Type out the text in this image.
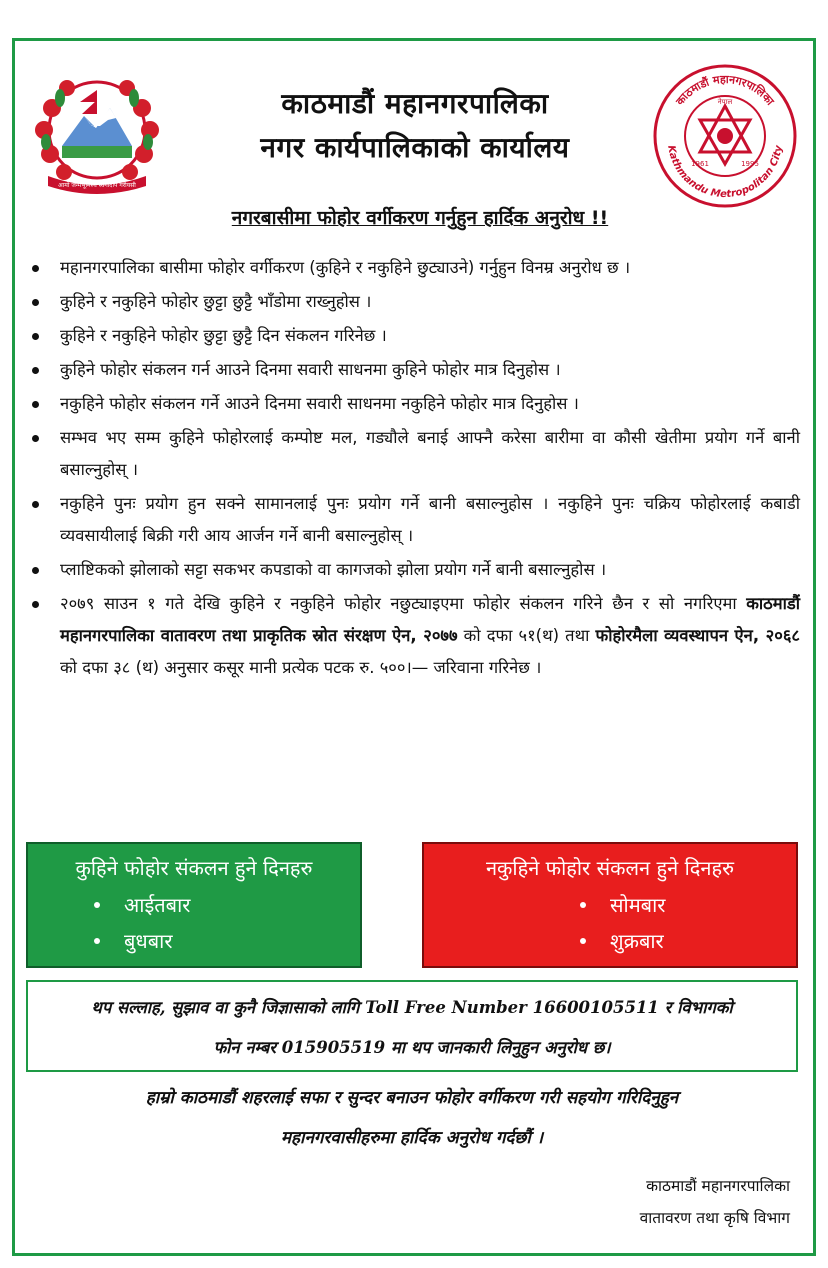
आमो जन्मभूमिस्च स्वर्गादपि गरीयसी
काठमाडौं महानगरपालिका
नगर कार्यपालिकाको कार्यालय
काठमाडौं महानगरपालिका
Kathmandu Metropolitan City
नेपाल
1961	1995
नगरबासीमा फोहोर वर्गीकरण गर्नुहुन हार्दिक अनुरोध !!
महानगरपालिका बासीमा फोहोर वर्गीकरण (कुहिने र नकुहिने छुट्याउने) गर्नुहुन विनम्र अनुरोध छ ।
कुहिने र नकुहिने फोहोर छुट्टा छुट्टै भाँडोमा राख्नुहोस ।
कुहिने र नकुहिने फोहोर छुट्टा छुट्टै दिन संकलन गरिनेछ ।
कुहिने फोहोर संकलन गर्न आउने दिनमा सवारी साधनमा कुहिने फोहोर मात्र दिनुहोस ।
नकुहिने फोहोर संकलन गर्ने आउने दिनमा सवारी साधनमा नकुहिने फोहोर मात्र दिनुहोस ।
सम्भव भए सम्म कुहिने फोहोरलाई कम्पोष्ट मल, गड्यौले बनाई आफ्नै करेसा बारीमा वा कौसी खेतीमा प्रयोग गर्ने बानी बसाल्नुहोस् ।
नकुहिने पुनः प्रयोग हुन सक्ने सामानलाई पुनः प्रयोग गर्ने बानी बसाल्नुहोस । नकुहिने पुनः चक्रिय फोहोरलाई कबाडी व्यवसायीलाई बिक्री गरी आय आर्जन गर्ने बानी बसाल्नुहोस् ।
प्लाष्टिकको झोलाको सट्टा सकभर कपडाको वा कागजको झोला प्रयोग गर्ने बानी बसाल्नुहोस ।
२०७९ साउन १ गते देखि कुहिने र नकुहिने फोहोर नछुट्याइएमा फोहोर संकलन गरिने छैन र सो नगरिएमा काठमाडौं महानगरपालिका वातावरण तथा प्राकृतिक स्रोत संरक्षण ऐन, २०७७ को दफा ५१(थ) तथा फोहोरमैला व्यवस्थापन ऐन, २०६८ को दफा ३८ (थ) अनुसार कसूर मानी प्रत्येक पटक रु. ५००।— जरिवाना गरिनेछ ।
कुहिने फोहोर संकलन हुने दिनहरु
आईतबार
बुधबार
नकुहिने फोहोर संकलन हुने दिनहरु
सोमबार
शुक्रबार
थप सल्लाह, सुझाव वा कुनै जिज्ञासाको लागि Toll Free Number 16600105511 र विभागको
फोन नम्बर 015905519 मा थप जानकारी लिनुहुन अनुरोध छ।
हाम्रो काठमाडौं शहरलाई सफा र सुन्दर बनाउन फोहोर वर्गीकरण गरी सहयोग गरिदिनुहुन
महानगरवासीहरुमा हार्दिक अनुरोध गर्दछौं ।
काठमाडौं महानगरपालिका
वातावरण तथा कृषि विभाग
